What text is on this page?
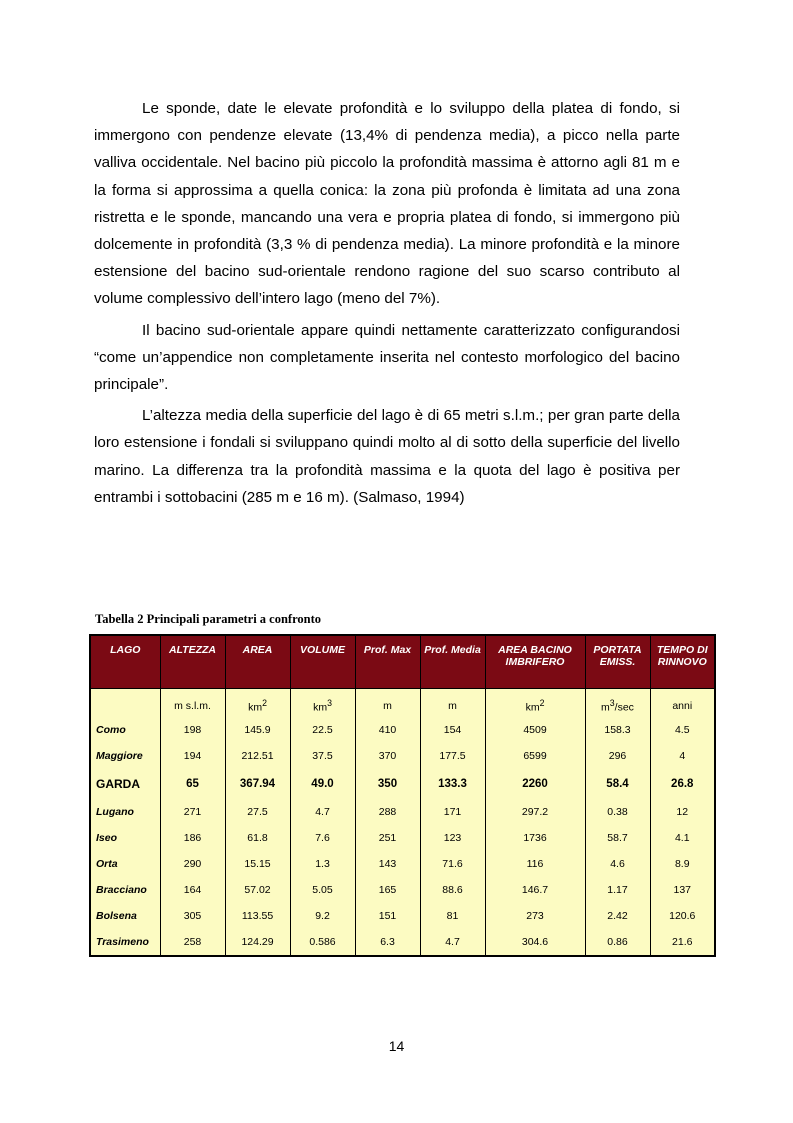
Le sponde, date le elevate profondità e lo sviluppo della platea di fondo, si immergono con pendenze elevate (13,4% di pendenza media), a picco nella parte valliva occidentale. Nel bacino più piccolo la profondità massima è attorno agli 81 m e la forma si approssima a quella conica: la zona più profonda è limitata ad una zona ristretta e le sponde, mancando una vera e propria platea di fondo, si immergono più dolcemente in profondità (3,3 % di pendenza media). La minore profondità e la minore estensione del bacino sud-orientale rendono ragione del suo scarso contributo al volume complessivo dell’intero lago (meno del 7%).

Il bacino sud-orientale appare quindi nettamente caratterizzato configurandosi “come un’appendice non completamente inserita nel contesto morfologico del bacino principale”.

L’altezza media della superficie del lago è di 65 metri s.l.m.; per gran parte della loro estensione i fondali si sviluppano quindi molto al di sotto della superficie del livello marino. La differenza tra la profondità massima e la quota del lago è positiva per entrambi i sottobacini (285 m e 16 m). (Salmaso, 1994)

Tabella 2 Principali parametri a confronto
LAGO	ALTEZZA	AREA	VOLUME	Prof. Max	Prof. Media	AREA BACINO IMBRIFERO	PORTATA EMISS.	TEMPO DI RINNOVO
	m s.l.m.	$km^2$	$km^3$	m	m	$km^2$	$m^3/\sec$	anni
Como	198	145.9	22.5	410	154	4509	158.3	4.5
Maggiore	194	212.51	37.5	370	177.5	6599	296	4
GARDA	65	367.94	49.0	350	133.3	2260	58.4	26.8
Lugano	271	27.5	4.7	288	171	297.2	0.38	12
Iseo	186	61.8	7.6	251	123	1736	58.7	4.1
Orta	290	15.15	1.3	143	71.6	116	4.6	8.9
Bracciano	164	57.02	5.05	165	88.6	146.7	1.17	137
Bolsena	305	113.55	9.2	151	81	273	2.42	120.6
Trasimeno	258	124.29	0.586	6.3	4.7	304.6	0.86	21.6
14
